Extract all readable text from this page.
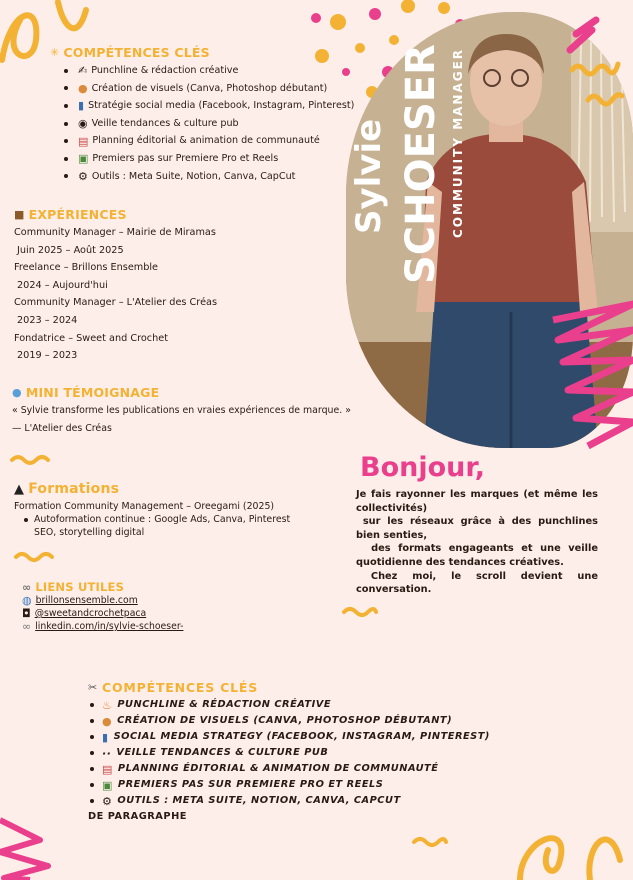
Sylvie SCHOESER COMMUNITY MANAGER
✳ COMPÉTENCES CLÉS
✍ Punchline & rédaction créative
● Création de visuels (Canva, Photoshop débutant)
▮ Stratégie social media (Facebook, Instagram, Pinterest)
◉ Veille tendances & culture pub
▤ Planning éditorial & animation de communauté
▣ Premiers pas sur Premiere Pro et Reels
⚙ Outils : Meta Suite, Notion, Canva, CapCut
■ EXPÉRIENCES
Community Manager – Mairie de Miramas
Juin 2025 – Août 2025
Freelance – Brillons Ensemble
2024 – Aujourd'hui
Community Manager – L'Atelier des Créas
2023 – 2024
Fondatrice – Sweet and Crochet
2019 – 2023
● MINI TÉMOIGNAGE
« Sylvie transforme les publications en vraies expériences de marque. »
— L'Atelier des Créas
▲ Formations
Formation Community Management – Oreegami (2025)
Autoformation continue : Google Ads, Canva, Pinterest SEO, storytelling digital
∞ LIENS UTILES
◍ brillonsensemble.com
◘ @sweetandcrochetpaca
∞ linkedin.com/in/sylvie-schoeser-
Bonjour,

Je fais rayonner les marques (et même les collectivités)

sur les réseaux grâce à des punchlines bien senties,

des formats engageants et une veille quotidienne des tendances créatives.

Chez moi, le scroll devient une conversation.

✂ COMPÉTENCES CLÉS
♨ PUNCHLINE & RÉDACTION CRÉATIVE
● CRÉATION DE VISUELS (CANVA, PHOTOSHOP DÉBUTANT)
▮ SOCIAL MEDIA STRATEGY (FACEBOOK, INSTAGRAM, PINTEREST)
·· VEILLE TENDANCES & CULTURE PUB
▤ PLANNING ÉDITORIAL & ANIMATION DE COMMUNAUTÉ
▣ PREMIERS PAS SUR PREMIERE PRO ET REELS
⚙ OUTILS : META SUITE, NOTION, CANVA, CAPCUT
DE PARAGRAPHE
